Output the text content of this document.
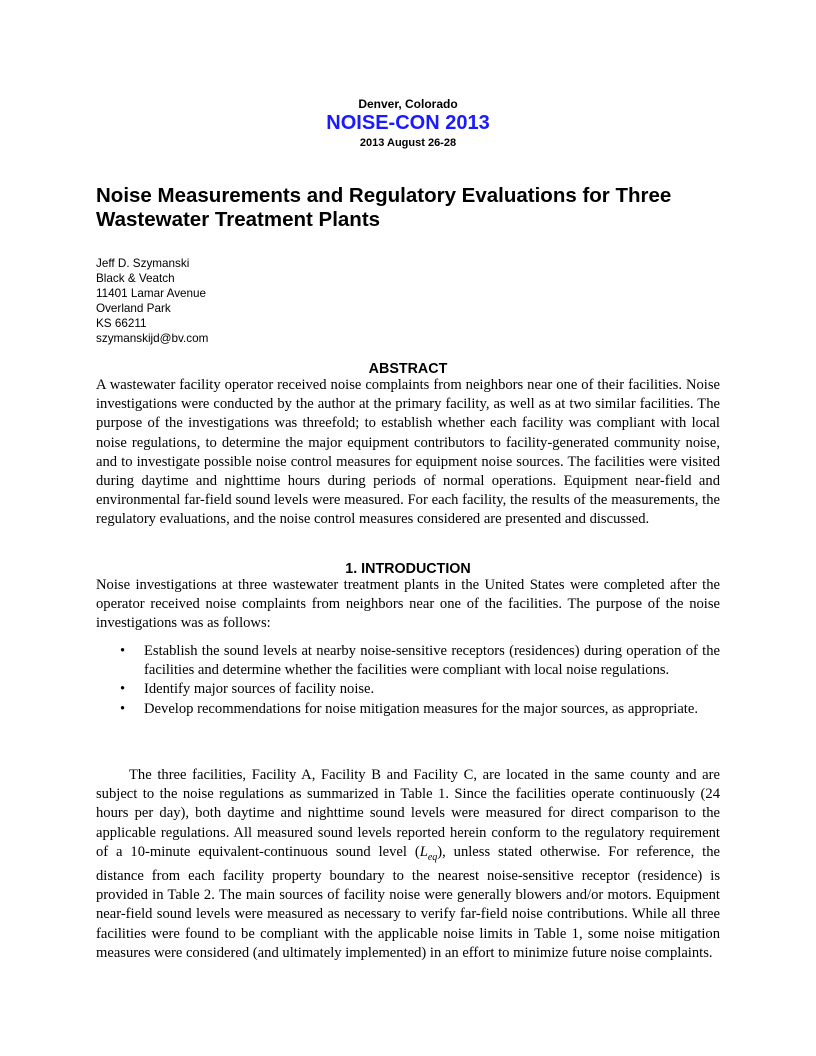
Denver, Colorado
NOISE-CON 2013
2013 August 26-28
Noise Measurements and Regulatory Evaluations for Three Wastewater Treatment Plants
Jeff D. Szymanski
Black & Veatch
11401 Lamar Avenue
Overland Park
KS 66211
szymanskijd@bv.com
ABSTRACT

A wastewater facility operator received noise complaints from neighbors near one of their facilities. Noise investigations were conducted by the author at the primary facility, as well as at two similar facilities. The purpose of the investigations was threefold; to establish whether each facility was compliant with local noise regulations, to determine the major equipment contributors to facility-generated community noise, and to investigate possible noise control measures for equipment noise sources. The facilities were visited during daytime and nighttime hours during periods of normal operations. Equipment near-field and environmental far-field sound levels were measured. For each facility, the results of the measurements, the regulatory evaluations, and the noise control measures considered are presented and discussed.

1. INTRODUCTION

Noise investigations at three wastewater treatment plants in the United States were completed after the operator received noise complaints from neighbors near one of the facilities. The purpose of the noise investigations was as follows:

• Establish the sound levels at nearby noise-sensitive receptors (residences) during operation of the facilities and determine whether the facilities were compliant with local noise regulations.
• Identify major sources of facility noise.
• Develop recommendations for noise mitigation measures for the major sources, as appropriate.

The three facilities, Facility A, Facility B and Facility C, are located in the same county and are subject to the noise regulations as summarized in Table 1. Since the facilities operate continuously (24 hours per day), both daytime and nighttime sound levels were measured for direct comparison to the applicable regulations. All measured sound levels reported herein conform to the regulatory requirement of a 10-minute equivalent-continuous sound level $(L_{eq})$, unless stated otherwise. For reference, the distance from each facility property boundary to the nearest noise-sensitive receptor (residence) is provided in Table 2. The main sources of facility noise were generally blowers and/or motors. Equipment near-field sound levels were measured as necessary to verify far-field noise contributions. While all three facilities were found to be compliant with the applicable noise limits in Table 1, some noise mitigation measures were considered (and ultimately implemented) in an effort to minimize future noise complaints.
